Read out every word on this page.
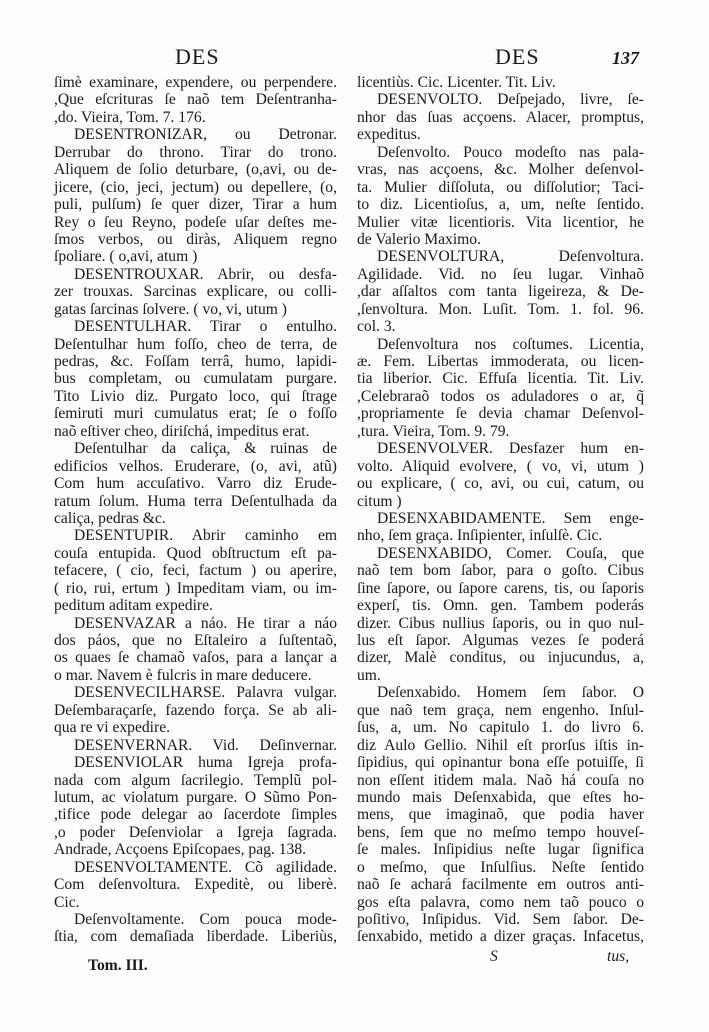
DES	DES	137
ſimè examinare, expendere, ou perpendere.
,Que eſcrituras ſe naõ tem Deſentranha-
,do. Vieira, Tom. 7. 176.
DESENTRONIZAR, ou Detronar.
Derrubar do throno. Tirar do trono.
Aliquem de ſolio deturbare, (o,avi, ou de-
jicere, (cio, jeci, jectum) ou depellere, (o,
puli, pulſum) ſe quer dizer, Tirar a hum
Rey o ſeu Reyno, podeſe uſar deſtes me-
ſmos verbos, ou diràs, Aliquem regno
ſpoliare. ( o,avi, atum )
DESENTROUXAR. Abrir, ou desfa-
zer trouxas. Sarcinas explicare, ou colli-
gatas ſarcinas ſolvere. ( vo, vi, utum )
DESENTULHAR. Tirar o entulho.
Deſentulhar hum foſſo, cheo de terra, de
pedras, &c. Foſſam terrâ, humo, lapidi-
bus completam, ou cumulatam purgare.
Tito Livio diz. Purgato loco, qui ſtrage
ſemiruti muri cumulatus erat; ſe o foſſo
naõ eſtiver cheo, diriſchá, impeditus erat.
Deſentulhar da caliça, & ruinas de
edificios velhos. Eruderare, (o, avi, atũ)
Com hum accuſativo. Varro diz Erude-
ratum ſolum. Huma terra Deſentulhada da
caliça, pedras &c.
DESENTUPIR. Abrir caminho em
couſa entupida. Quod obſtructum eſt pa-
tefacere, ( cio, feci, factum ) ou aperire,
( rio, rui, ertum ) Impeditam viam, ou im-
peditum aditam expedire.
DESENVAZAR a náo. He tirar a náo
dos páos, que no Eſtaleiro a ſuſtentaõ,
os quaes ſe chamaõ vaſos, para a lançar a
o mar. Navem è fulcris in mare deducere.
DESENVECILHARSE. Palavra vulgar.
Deſembaraçarſe, fazendo força. Se ab ali-
qua re vi expedire.
DESENVERNAR. Vid. Deſinvernar.
DESENVIOLAR huma Igreja profa-
nada com algum ſacrilegio. Templũ pol-
lutum, ac violatum purgare. O Sũmo Pon-
,tifice pode delegar ao ſacerdote ſimples
,o poder Deſenviolar a Igreja ſagrada.
Andrade, Acçoens Epiſcopaes, pag. 138.
DESENVOLTAMENTE. Cõ agilidade.
Com deſenvoltura. Expeditè, ou liberè.
Cic.
Deſenvoltamente. Com pouca mode-
ſtia, com demaſiada liberdade. Liberiùs,
licentiùs. Cic. Licenter. Tit. Liv.
DESENVOLTO. Deſpejado, livre, ſe-
nhor das ſuas acçoens. Alacer, promptus,
expeditus.
Deſenvolto. Pouco modeſto nas pala-
vras, nas acçoens, &c. Molher deſenvol-
ta. Mulier diſſoluta, ou diſſolutior; Taci-
to diz. Licentioſus, a, um, neſte ſentido.
Mulier vitæ licentioris. Vita licentior, he
de Valerio Maximo.
DESENVOLTURA, Deſenvoltura.
Agilidade. Vid. no ſeu lugar. Vinhaõ
,dar aſſaltos com tanta ligeireza, & De-
,ſenvoltura. Mon. Luſit. Tom. 1. fol. 96.
col. 3.
Deſenvoltura nos coſtumes. Licentia,
æ. Fem. Libertas immoderata, ou licen-
tia liberior. Cic. Effuſa licentia. Tit. Liv.
,Celebraraõ todos os aduladores o ar, q̃
,propriamente ſe devia chamar Deſenvol-
,tura. Vieira, Tom. 9. 79.
DESENVOLVER. Desfazer hum en-
volto. Aliquid evolvere, ( vo, vi, utum )
ou explicare, ( co, avi, ou cui, catum, ou
citum )
DESENXABIDAMENTE. Sem enge-
nho, ſem graça. Inſipienter, inſulſè. Cic.
DESENXABIDO, Comer. Couſa, que
naõ tem bom ſabor, para o goſto. Cibus
ſine ſapore, ou ſapore carens, tis, ou ſaporis
experſ, tis. Omn. gen. Tambem poderás
dizer. Cibus nullius ſaporis, ou in quo nul-
lus eſt ſapor. Algumas vezes ſe poderá
dizer, Malè conditus, ou injucundus, a,
um.
Deſenxabido. Homem ſem ſabor. O
que naõ tem graça, nem engenho. Inſul-
ſus, a, um. No capitulo 1. do livro 6.
diz Aulo Gellio. Nihil eſt prorſus iſtis in-
ſipidius, qui opinantur bona eſſe potuiſſe, ſi
non eſſent itidem mala. Naõ há couſa no
mundo mais Deſenxabida, que eſtes ho-
mens, que imaginaõ, que podia haver
bens, ſem que no meſmo tempo houveſ-
ſe males. Inſipidius neſte lugar ſignifica
o meſmo, que Inſulſius. Neſte ſentido
naõ ſe achará facilmente em outros anti-
gos eſta palavra, como nem taõ pouco o
poſitivo, Inſipidus. Vid. Sem ſabor. De-
ſenxabido, metido a dizer graças. Infacetus,
Tom. III.
S	tus,
